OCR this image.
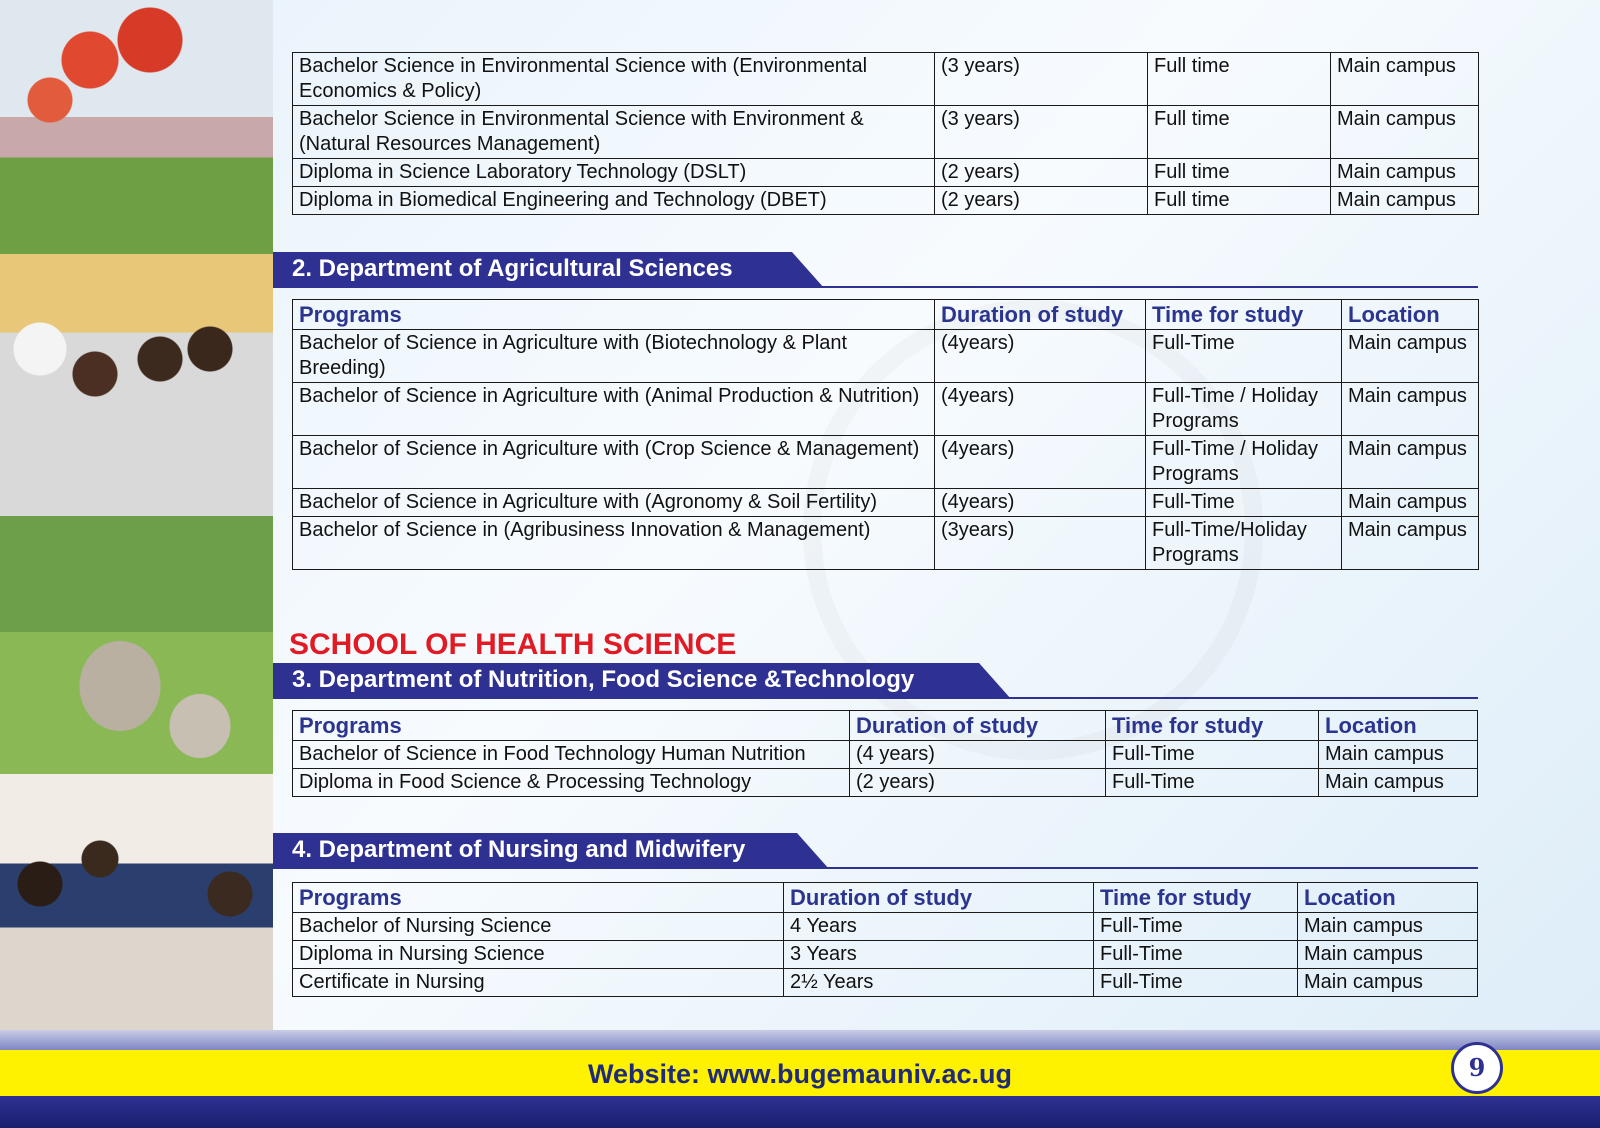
Bachelor Science in Environmental Science with (Environmental Economics & Policy)	(3 years)	Full time	Main campus
Bachelor Science in Environmental Science with Environment & (Natural Resources Management)	(3 years)	Full time	Main campus
Diploma in Science Laboratory Technology (DSLT)	(2 years)	Full time	Main campus
Diploma in Biomedical Engineering and Technology (DBET)	(2 years)	Full time	Main campus
2. Department of Agricultural Sciences
Programs	Duration of study	Time for study	Location
Bachelor of Science in Agriculture with (Biotechnology & Plant Breeding)	(4years)	Full-Time	Main campus
Bachelor of Science in Agriculture with (Animal Production & Nutrition)	(4years)	Full-Time / Holiday Programs	Main campus
Bachelor of Science in Agriculture with (Crop Science & Management)	(4years)	Full-Time / Holiday Programs	Main campus
Bachelor of Science in Agriculture with (Agronomy & Soil Fertility)	(4years)	Full-Time	Main campus
Bachelor of Science in (Agribusiness Innovation & Management)	(3years)	Full-Time/Holiday Programs	Main campus
SCHOOL OF HEALTH SCIENCE
3. Department of Nutrition, Food Science &Technology
Programs	Duration of study	Time for study	Location
Bachelor of Science in Food Technology Human Nutrition	(4 years)	Full-Time	Main campus
Diploma in Food Science & Processing Technology	(2 years)	Full-Time	Main campus
4. Department of Nursing and Midwifery
Programs	Duration of study	Time for study	Location
Bachelor of Nursing Science	4 Years	Full-Time	Main campus
Diploma in Nursing Science	3 Years	Full-Time	Main campus
Certificate in Nursing	2½ Years	Full-Time	Main campus
Website: www.bugemauniv.ac.ug	9
